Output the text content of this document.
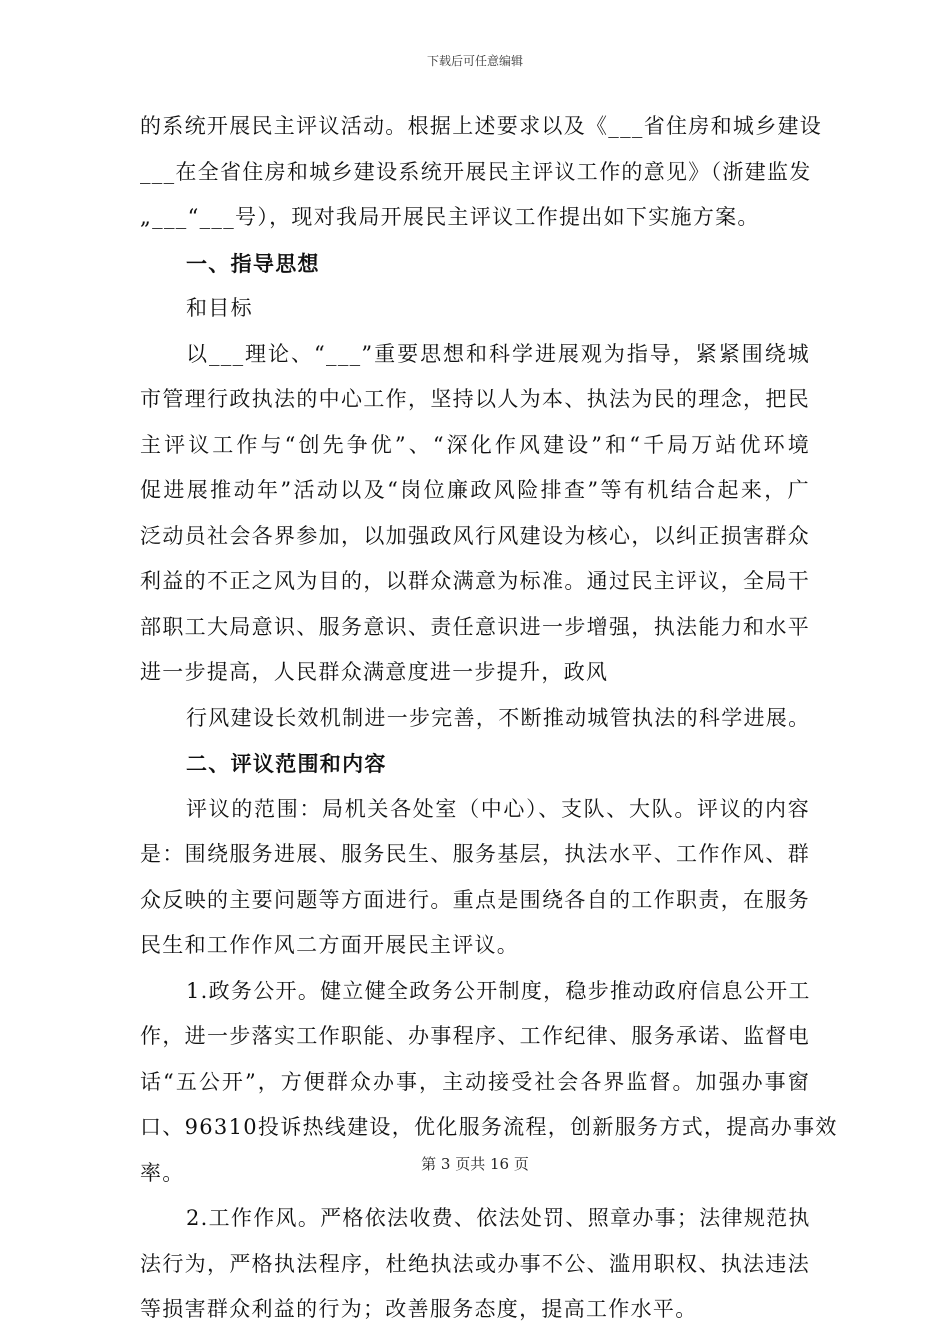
下载后可任意编辑
的系统开展民主评议活动。根据上述要求以及《___省住房和城乡建设
___在全省住房和城乡建设系统开展民主评议工作的意见》（浙建监发
„___“___号），现对我局开展民主评议工作提出如下实施方案。
一、指导思想
和目标
以___理论、“___”重要思想和科学进展观为指导，紧紧围绕城
市管理行政执法的中心工作，坚持以人为本、执法为民的理念，把民
主评议工作与“创先争优”、“深化作风建设”和“千局万站优环境
促进展推动年”活动以及“岗位廉政风险排查”等有机结合起来，广
泛动员社会各界参加，以加强政风行风建设为核心，以纠正损害群众
利益的不正之风为目的，以群众满意为标准。通过民主评议，全局干
部职工大局意识、服务意识、责任意识进一步增强，执法能力和水平
进一步提高，人民群众满意度进一步提升，政风
行风建设长效机制进一步完善，不断推动城管执法的科学进展。
二、评议范围和内容
评议的范围：局机关各处室（中心）、支队、大队。评议的内容
是：围绕服务进展、服务民生、服务基层，执法水平、工作作风、群
众反映的主要问题等方面进行。重点是围绕各自的工作职责，在服务
民生和工作作风二方面开展民主评议。
1.政务公开。健立健全政务公开制度，稳步推动政府信息公开工
作，进一步落实工作职能、办事程序、工作纪律、服务承诺、监督电
话“五公开”，方便群众办事，主动接受社会各界监督。加强办事窗
口、96310投诉热线建设，优化服务流程，创新服务方式，提高办事效
率。
2.工作作风。严格依法收费、依法处罚、照章办事；法律规范执
法行为，严格执法程序，杜绝执法或办事不公、滥用职权、执法违法
等损害群众利益的行为；改善服务态度，提高工作水平。
第 3 页共 16 页
